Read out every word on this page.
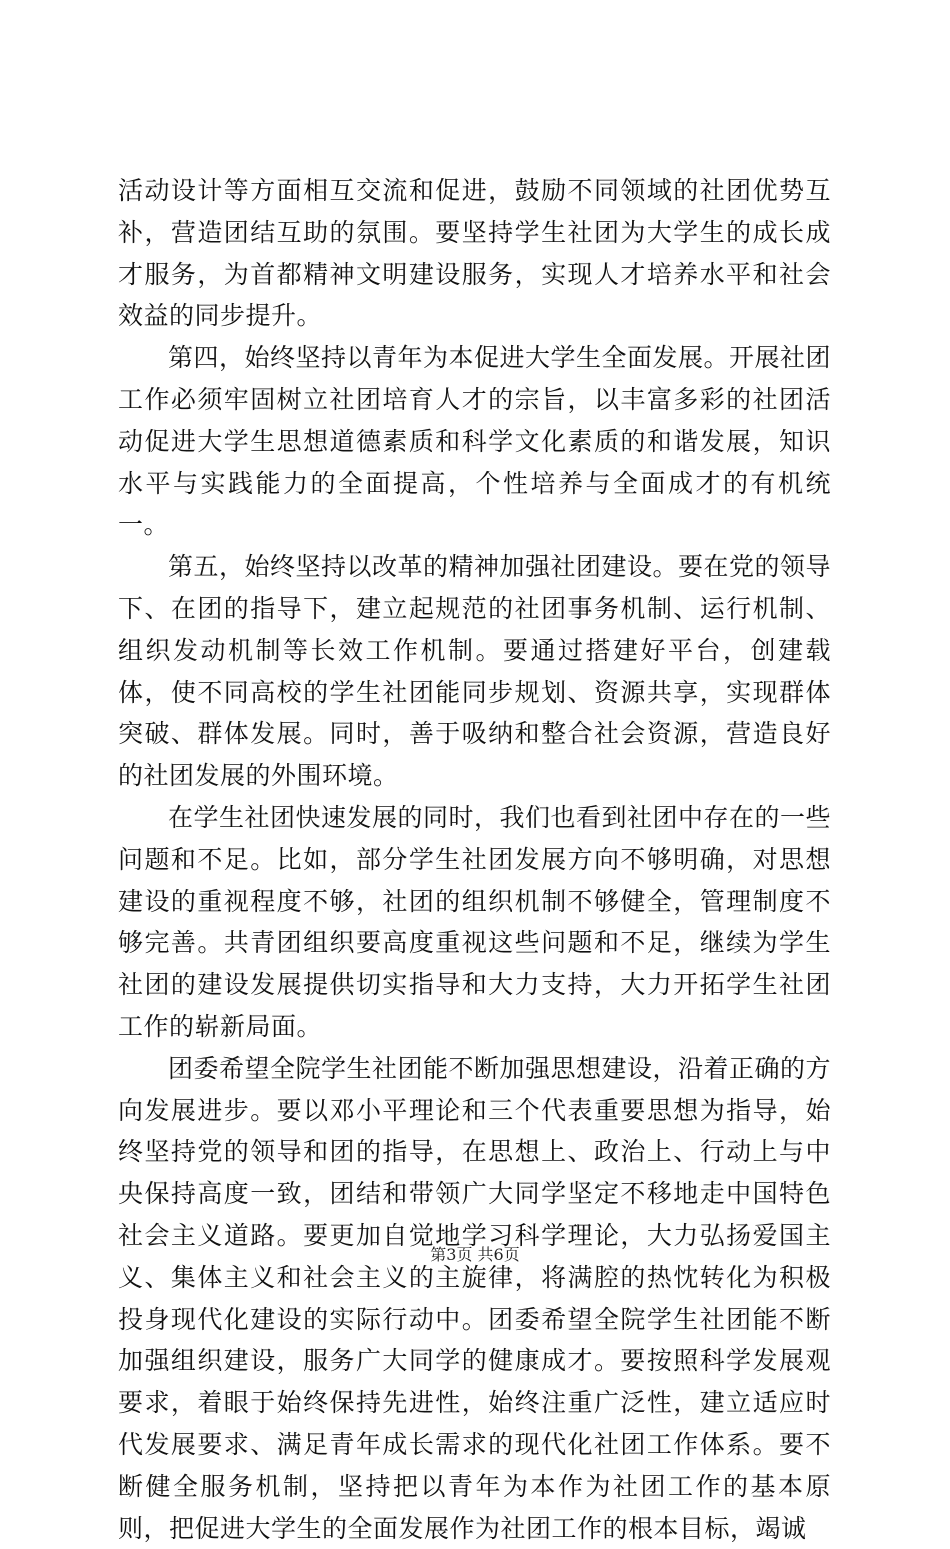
活动设计等方面相互交流和促进，鼓励不同领域的社团优势互补，营造团结互助的氛围。要坚持学生社团为大学生的成长成才服务，为首都精神文明建设服务，实现人才培养水平和社会效益的同步提升。

第四，始终坚持以青年为本促进大学生全面发展。开展社团工作必须牢固树立社团培育人才的宗旨，以丰富多彩的社团活动促进大学生思想道德素质和科学文化素质的和谐发展，知识水平与实践能力的全面提高，个性培养与全面成才的有机统一。

第五，始终坚持以改革的精神加强社团建设。要在党的领导下、在团的指导下，建立起规范的社团事务机制、运行机制、组织发动机制等长效工作机制。要通过搭建好平台，创建载体，使不同高校的学生社团能同步规划、资源共享，实现群体突破、群体发展。同时，善于吸纳和整合社会资源，营造良好的社团发展的外围环境。

在学生社团快速发展的同时，我们也看到社团中存在的一些问题和不足。比如，部分学生社团发展方向不够明确，对思想建设的重视程度不够，社团的组织机制不够健全，管理制度不够完善。共青团组织要高度重视这些问题和不足，继续为学生社团的建设发展提供切实指导和大力支持，大力开拓学生社团工作的崭新局面。

团委希望全院学生社团能不断加强思想建设，沿着正确的方向发展进步。要以邓小平理论和三个代表重要思想为指导，始终坚持党的领导和团的指导，在思想上、政治上、行动上与中央保持高度一致，团结和带领广大同学坚定不移地走中国特色社会主义道路。要更加自觉地学习科学理论，大力弘扬爱国主义、集体主义和社会主义的主旋律，将满腔的热忱转化为积极投身现代化建设的实际行动中。团委希望全院学生社团能不断加强组织建设，服务广大同学的健康成才。要按照科学发展观要求，着眼于始终保持先进性，始终注重广泛性，建立适应时代发展要求、满足青年成长需求的现代化社团工作体系。要不断健全服务机制，坚持把以青年为本作为社团工作的基本原则，把促进大学生的全面发展作为社团工作的根本目标，竭诚

第3页 共6页
